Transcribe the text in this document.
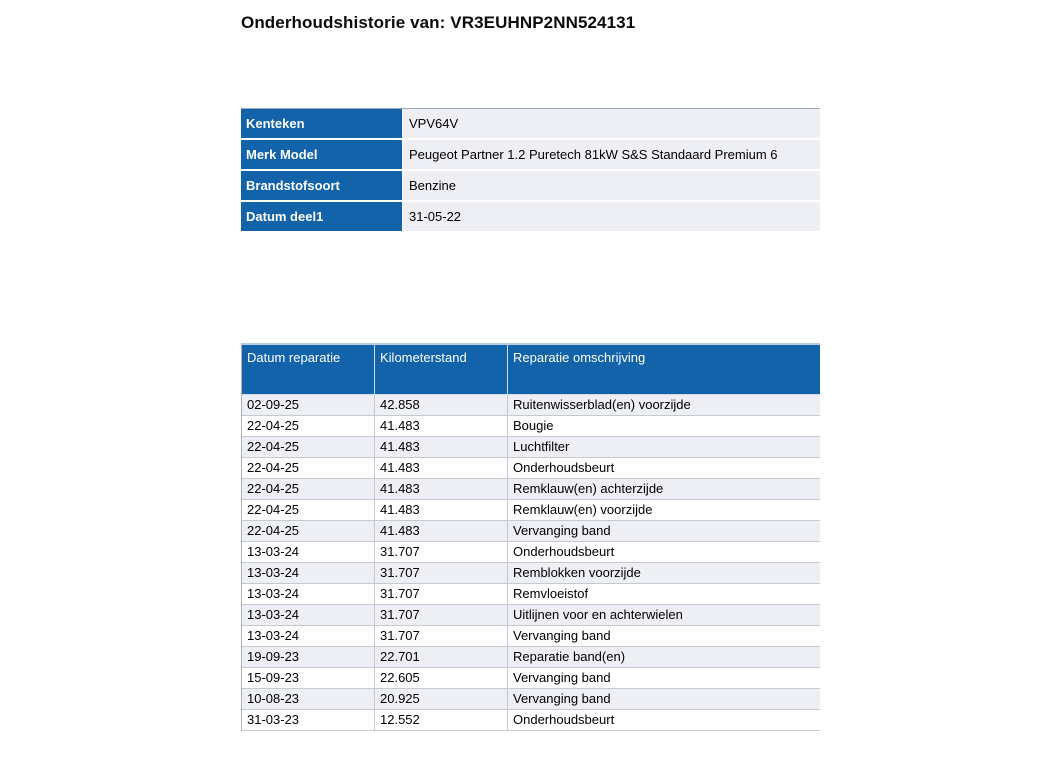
Onderhoudshistorie van: VR3EUHNP2NN524131
Kenteken	VPV64V
Merk Model	Peugeot Partner 1.2 Puretech 81kW S&S Standaard Premium 6
Brandstofsoort	Benzine
Datum deel1	31-05-22
Datum reparatie	Kilometerstand	Reparatie omschrijving
02-09-25	42.858	Ruitenwisserblad(en) voorzijde
22-04-25	41.483	Bougie
22-04-25	41.483	Luchtfilter
22-04-25	41.483	Onderhoudsbeurt
22-04-25	41.483	Remklauw(en) achterzijde
22-04-25	41.483	Remklauw(en) voorzijde
22-04-25	41.483	Vervanging band
13-03-24	31.707	Onderhoudsbeurt
13-03-24	31.707	Remblokken voorzijde
13-03-24	31.707	Remvloeistof
13-03-24	31.707	Uitlijnen voor en achterwielen
13-03-24	31.707	Vervanging band
19-09-23	22.701	Reparatie band(en)
15-09-23	22.605	Vervanging band
10-08-23	20.925	Vervanging band
31-03-23	12.552	Onderhoudsbeurt
